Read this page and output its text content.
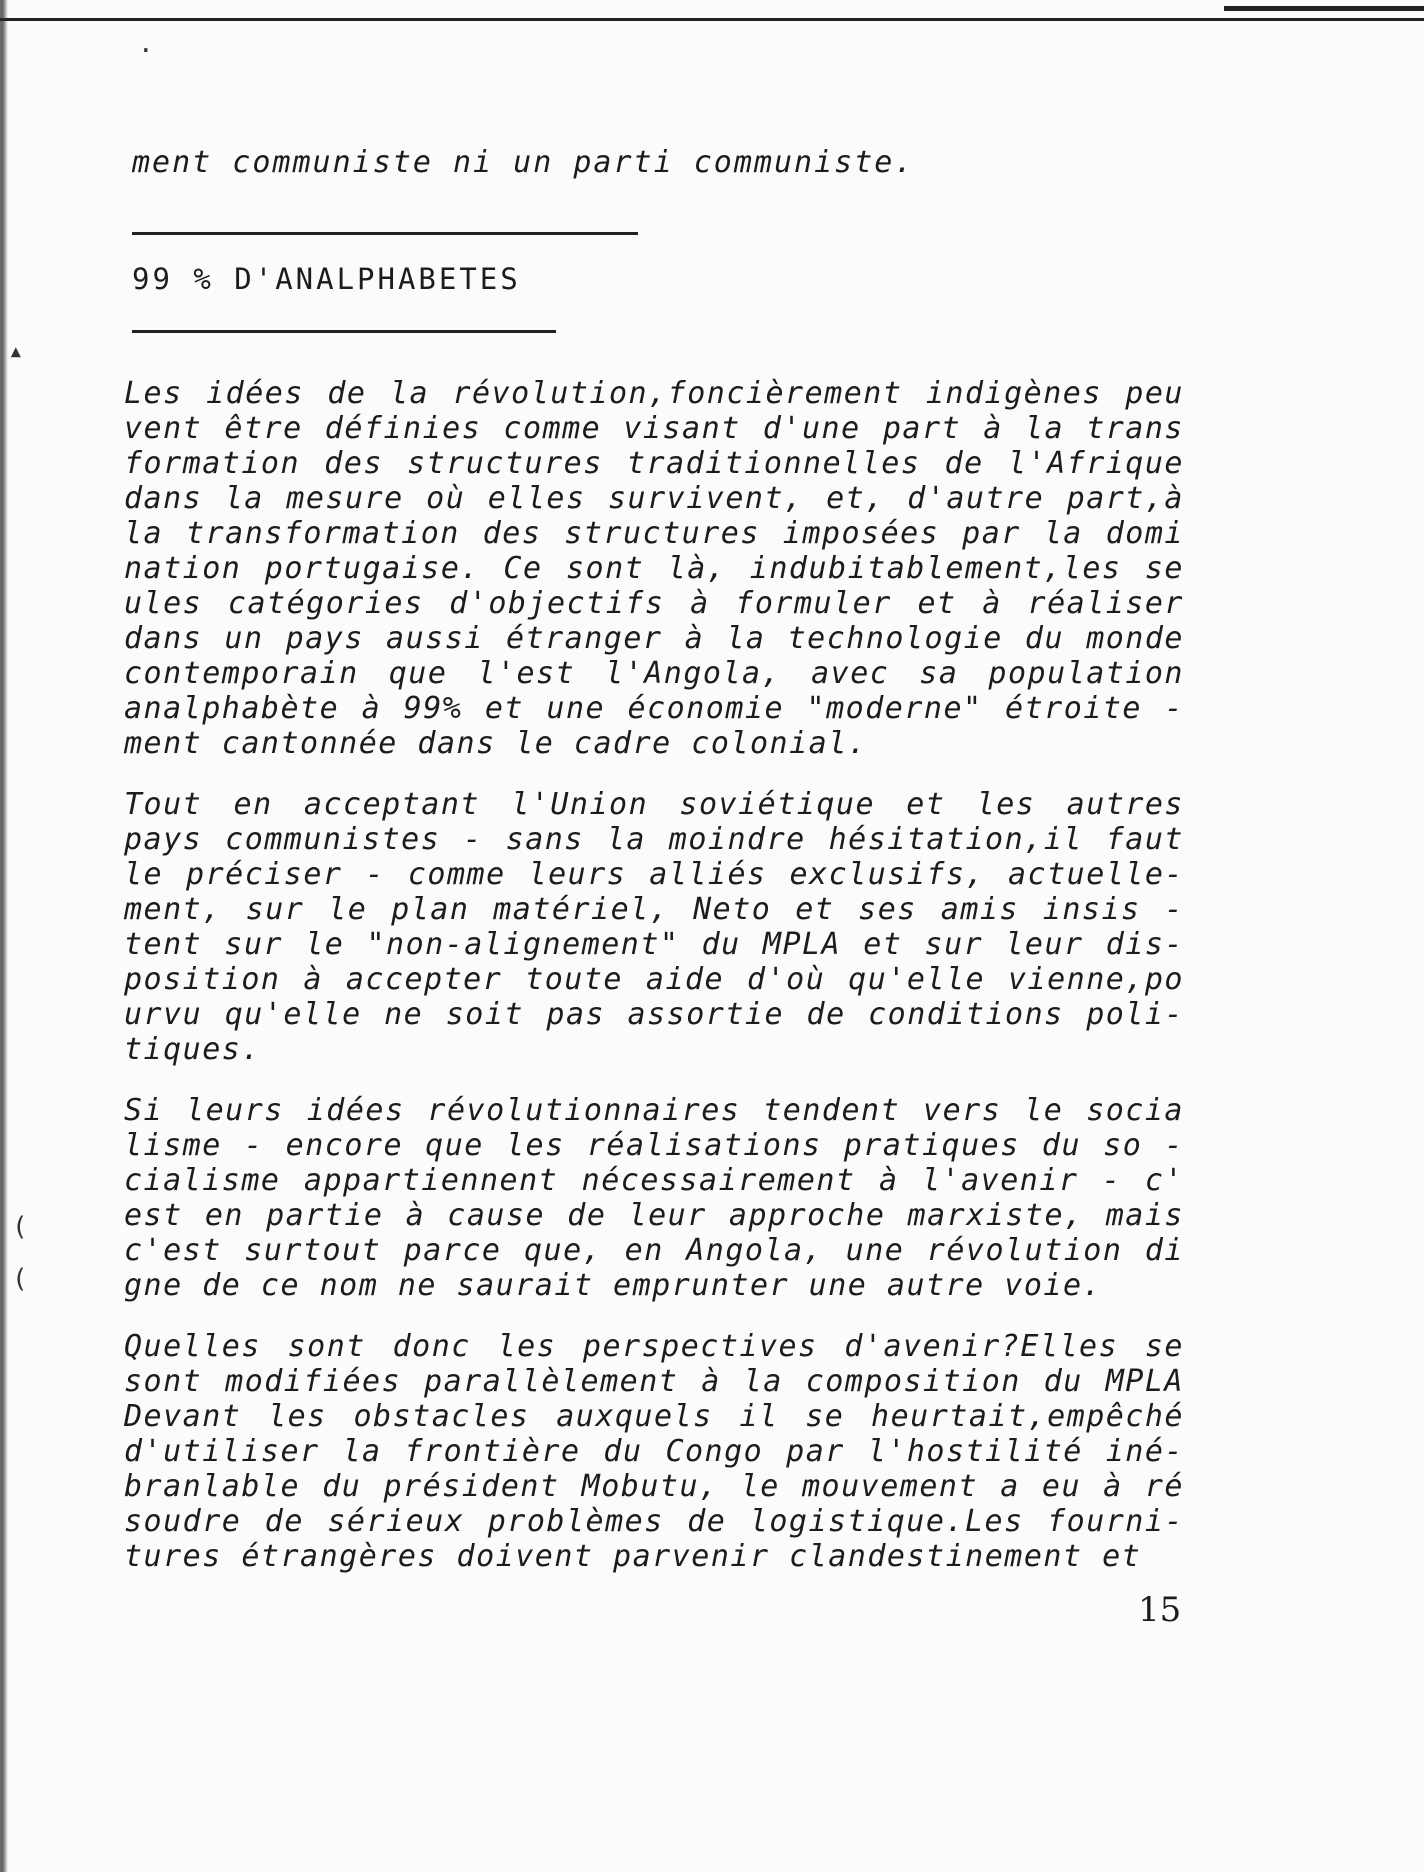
·
▴
(
(

ment communiste ni un parti communiste.

99 % D'ANALPHABETES

Les idées de la révolution,foncièrement indigènes peu vent être définies comme visant d'une part à la trans formation des structures traditionnelles de l'Afrique dans la mesure où elles survivent, et, d'autre part,à la transformation des structures imposées par la domi nation portugaise. Ce sont là, indubitablement,les se ules catégories d'objectifs à formuler et à réaliser dans un pays aussi étranger à la technologie du monde contemporain que l'est l'Angola, avec sa population analphabète à 99% et une économie "moderne" étroite - ment cantonnée dans le cadre colonial.

Tout en acceptant l'Union soviétique et les autres pays communistes - sans la moindre hésitation,il faut le préciser - comme leurs alliés exclusifs, actuelle- ment, sur le plan matériel, Neto et ses amis insis - tent sur le "non-alignement" du MPLA et sur leur dis- position à accepter toute aide d'où qu'elle vienne,po urvu qu'elle ne soit pas assortie de conditions poli- tiques.

Si leurs idées révolutionnaires tendent vers le socia lisme - encore que les réalisations pratiques du so - cialisme appartiennent nécessairement à l'avenir - c' est en partie à cause de leur approche marxiste, mais c'est surtout parce que, en Angola, une révolution di gne de ce nom ne saurait emprunter une autre voie.

Quelles sont donc les perspectives d'avenir?Elles se sont modifiées parallèlement à la composition du MPLA Devant les obstacles auxquels il se heurtait,empêché d'utiliser la frontière du Congo par l'hostilité iné- branlable du président Mobutu, le mouvement a eu à ré soudre de sérieux problèmes de logistique.Les fourni- tures étrangères doivent parvenir clandestinement et

15
